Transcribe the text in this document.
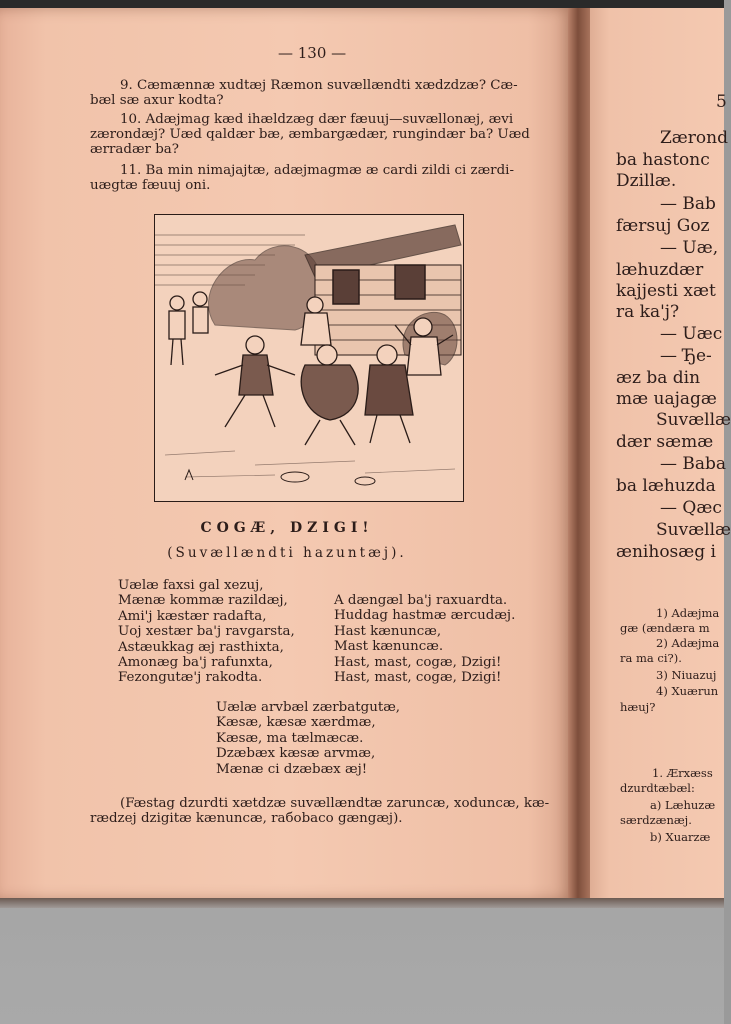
— 130 —
9. Cæmænnæ xudtæj Ræmon suvællændti xædzdzæ? Cæ-
bæl sæ axur kodta?
10. Adæjmag kæd ihældzæg dær fæuuj—suvællonæj, ævi
zærondæj? Uæd qaldær bæ, æmbargædær, rungindær ba? Uæd
ærradær ba?
11. Ba min nimajajtæ, adæjmagmæ æ cardi zildi ci zærdi-
uægtæ fæuuj oni.
COGÆ, DZIGI!
(Suvællændti hazuntæj).
Uælæ faxsi gal xezuj,
Mænæ kommæ razildæj,
Ami'j kæstær radafta,
Uoj xestær ba'j ravgarsta,
Astæukkag æj rasthixta,
Amonæg ba'j rafunxta,
Fezongutæ'j rakodta.
A dængæl ba'j raxuardta.
Huddag hastmæ ærcudæj.
Hast kænuncæ,
Mast kænuncæ.
Hast, mast, cogæ, Dzigi!
Hast, mast, cogæ, Dzigi!
Uælæ arvbæl zærbatgutæ,
Kæsæ, kæsæ xærdmæ,
Kæsæ, ma tælmæcæ.
Dzæbæx kæsæ arvmæ,
Mænæ ci dzæbæx æj!
(Fæstag dzurdti xætdzæ suvællændtæ zaruncæ, xoduncæ, kæ-
rædzej dzigitæ kænuncæ, raбobaco gængæj).
5
Zærond
ba hastonc
Dzillæ.
— Bab
færsuj Goz
— Uæ,
læhuzdær
kajjesti xæt
ra ka'j?
— Uæc
— Ђe-
æz ba din
mæ uajagæ
Suvællæ
dær sæmæ
— Baba
ba læhuzda
— Qæc
Suvællæ
ænihosæg i
1) Adæjma
gæ (ændæra m
2) Adæjma
ra ma ci?).
3) Niuazuj
4) Xuærun
hæuj?
1. Ærxæss
dzurdtæbæl:
a) Læhuzæ
særdzænæj.
b) Xuarzæ
